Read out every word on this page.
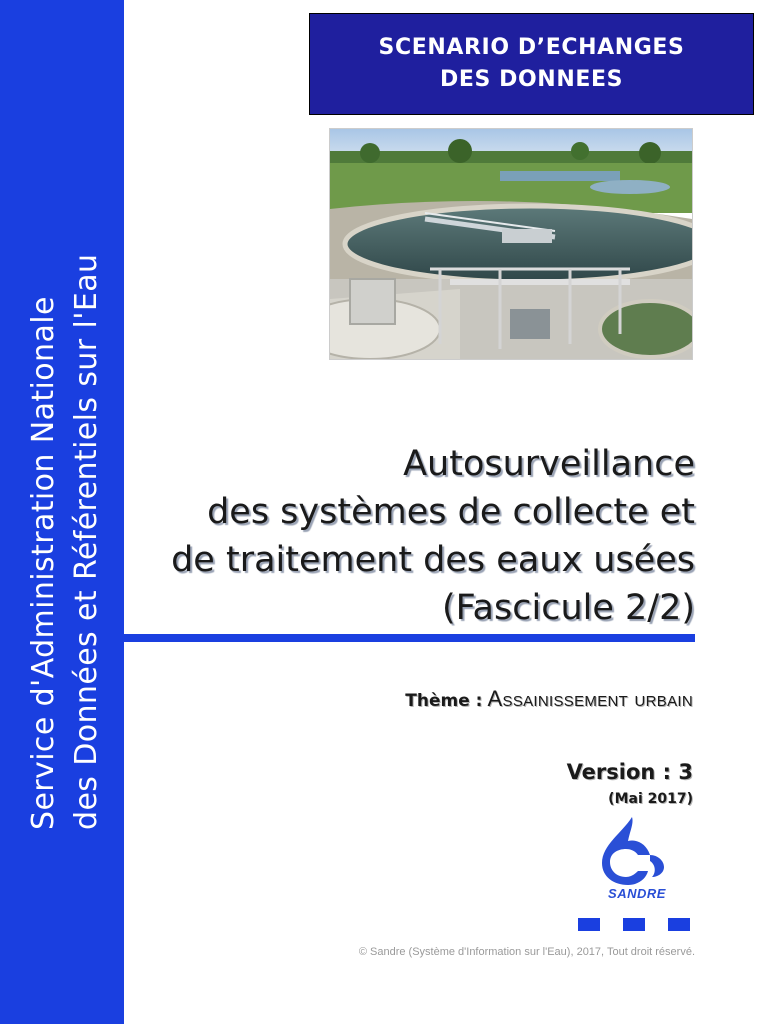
Service d'Administration Nationale des Données et Référentiels sur l'Eau
SCENARIO D’ECHANGES
DES DONNEES
Autosurveillance
des systèmes de collecte et
de traitement des eaux usées
(Fascicule 2/2)
Thème : Assainissement urbain
Version : 3
(Mai 2017)
SANDRE
© Sandre (Système d'Information sur l'Eau), 2017, Tout droit réservé.
